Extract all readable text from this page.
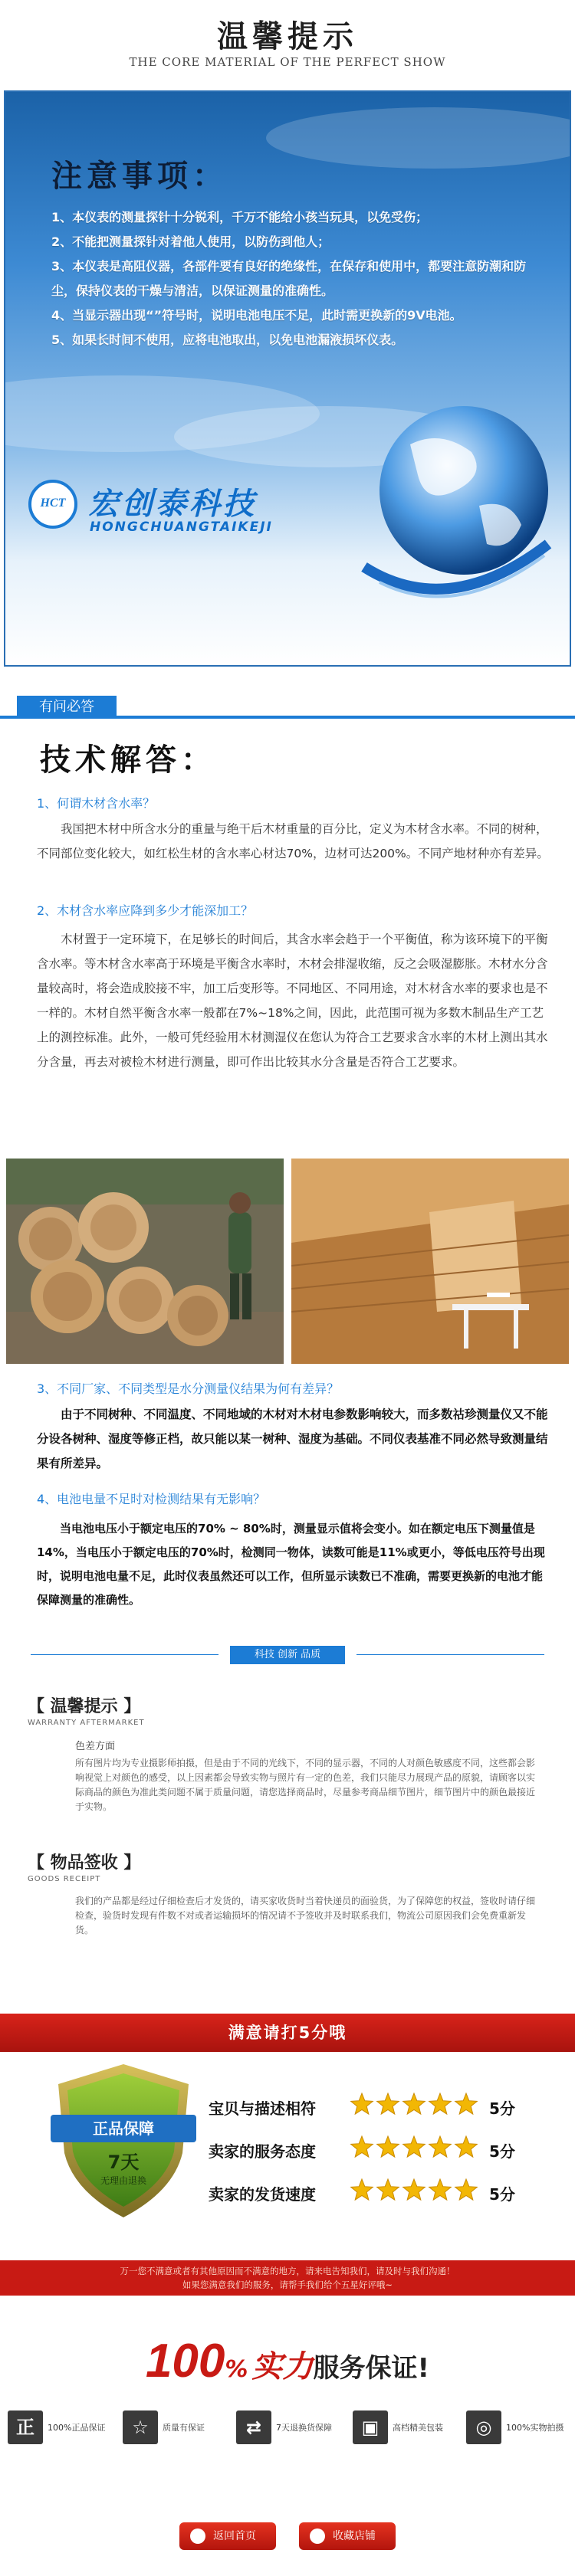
温馨提示
THE CORE MATERIAL OF THE PERFECT SHOW
注意事项：

1、本仪表的测量探针十分锐利，千万不能给小孩当玩具，以免受伤；

2、不能把测量探针对着他人使用，以防伤到他人；

3、本仪表是高阻仪器，各部件要有良好的绝缘性，在保存和使用中，都要注意防潮和防尘，保持仪表的干燥与清洁，以保证测量的准确性。

4、当显示器出现“”符号时，说明电池电压不足，此时需更换新的9V电池。

5、如果长时间不使用，应将电池取出，以免电池漏液损坏仪表。

HCT 宏创泰科技
HONGCHUANGTAIKEJI
有问必答
技术解答：
1、何谓木材含水率？
我国把木材中所含水分的重量与绝干后木材重量的百分比，定义为木材含水率。不同的树种，不同部位变化较大，如红松生材的含水率心材达70%，边材可达200%。不同产地材种亦有差异。
2、木材含水率应降到多少才能深加工？
木材置于一定环境下，在足够长的时间后，其含水率会趋于一个平衡值，称为该环境下的平衡含水率。等木材含水率高于环境是平衡含水率时，木材会排湿收缩，反之会吸湿膨胀。木材水分含量较高时，将会造成胶接不牢，加工后变形等。不同地区、不同用途，对木材含水率的要求也是不一样的。木材自然平衡含水率一般都在7%~18%之间，因此，此范围可视为多数木制品生产工艺上的测控标准。此外，一般可凭经验用木材测湿仪在您认为符合工艺要求含水率的木材上测出其水分含量，再去对被检木材进行测量，即可作出比较其水分含量是否符合工艺要求。
3、不同厂家、不同类型是水分测量仪结果为何有差异？
由于不同树种、不同温度、不同地域的木材对木材电参数影响较大，而多数祜珍测量仪又不能分设各树种、湿度等修正档，故只能以某一树种、湿度为基础。不同仪表基准不同必然导致测量结果有所差异。
4、电池电量不足时对检测结果有无影响？
当电池电压小于额定电压的70% ~ 80%时，测量显示值将会变小。如在额定电压下测量值是14%，当电压小于额定电压的70%时，检测同一物体，读数可能是11%或更小，等低电压符号出现时，说明电池电量不足，此时仪表虽然还可以工作，但所显示读数已不准确，需要更换新的电池才能保障测量的准确性。
科技 创新 品质
【 温馨提示 】
WARRANTY AFTERMARKET
色差方面
所有图片均为专业摄影师拍摄，但是由于不同的光线下，不同的显示器，不同的人对颜色敏感度不同，这些都会影响视觉上对颜色的感受，以上因素都会导致实物与照片有一定的色差，我们只能尽力展现产品的原貌，请顾客以实际商品的颜色为准此类问题不属于质量问题，请您选择商品时，尽量参考商品细节图片，细节图片中的颜色最接近于实物。
【 物品签收 】
GOODS RECEIPT
我们的产品都是经过仔细检查后才发货的，请买家收货时当着快递员的面验货，为了保障您的权益，签收时请仔细检查，验货时发现有件数不对或者运输损坏的情况请不予签收并及时联系我们，物流公司原因我们会免费重新发货。
满意请打5分哦
正品保障
7天
无理由退换
宝贝与描述相符	5分
卖家的服务态度	5分
卖家的发货速度	5分
万一您不满意或者有其他原因而不满意的地方，请来电告知我们，请及时与我们沟通！
如果您满意我们的服务，请帮手我们给个五星好评哦~
100% 实力服务保证!
正	100%正品保证	☆	质量有保证	⇄	7天退换货保障	▣	高档精美包装	◎	100%实物拍摄
返回首页	收藏店铺
